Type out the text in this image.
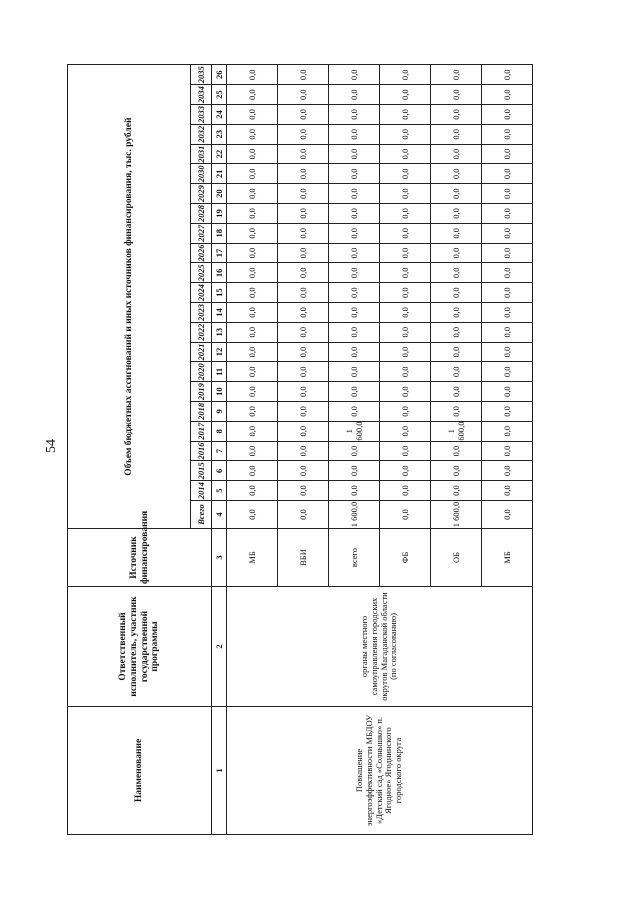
54
Наименование	Ответственный исполнитель, участник государственной программы	Источник финансирования	Объем бюджетных ассигнований и иных источников финансирования, тыс. рублей																						
			Всего	2014	2015	2016	2017	2018	2019	2020	2021	2022	2023	2024	2025	2026	2027	2028	2029	2030	2031	2032	2033	2034	2035
1	2	3	4	5	6	7	8	9	10	11	12	13	14	15	16	17	18	19	20	21	22	23	24	25	26
Повышение энергоэффективности МБДОУ «Детский сад «Солнышко» п. Ягодное» Ягоднинского городского округа	органы местного самоуправления городских округов Магаданской области (по согласованию)	МБ	0,0	0,0	0,0	0,0	0,0	0,0	0,0	0,0	0,0	0,0	0,0	0,0	0,0	0,0	0,0	0,0	0,0	0,0	0,0	0,0	0,0	0,0	0,0
		ВБИ	0,0	0,0	0,0	0,0	0,0	0,0	0,0	0,0	0,0	0,0	0,0	0,0	0,0	0,0	0,0	0,0	0,0	0,0	0,0	0,0	0,0	0,0	0,0
		всего	1 600,0	0,0	0,0	0,0	1 600,0	0,0	0,0	0,0	0,0	0,0	0,0	0,0	0,0	0,0	0,0	0,0	0,0	0,0	0,0	0,0	0,0	0,0	0,0
		ФБ	0,0	0,0	0,0	0,0	0,0	0,0	0,0	0,0	0,0	0,0	0,0	0,0	0,0	0,0	0,0	0,0	0,0	0,0	0,0	0,0	0,0	0,0	0,0
		ОБ	1 600,0	0,0	0,0	0,0	1 600,0	0,0	0,0	0,0	0,0	0,0	0,0	0,0	0,0	0,0	0,0	0,0	0,0	0,0	0,0	0,0	0,0	0,0	0,0
		МБ	0,0	0,0	0,0	0,0	0,0	0,0	0,0	0,0	0,0	0,0	0,0	0,0	0,0	0,0	0,0	0,0	0,0	0,0	0,0	0,0	0,0	0,0	0,0
